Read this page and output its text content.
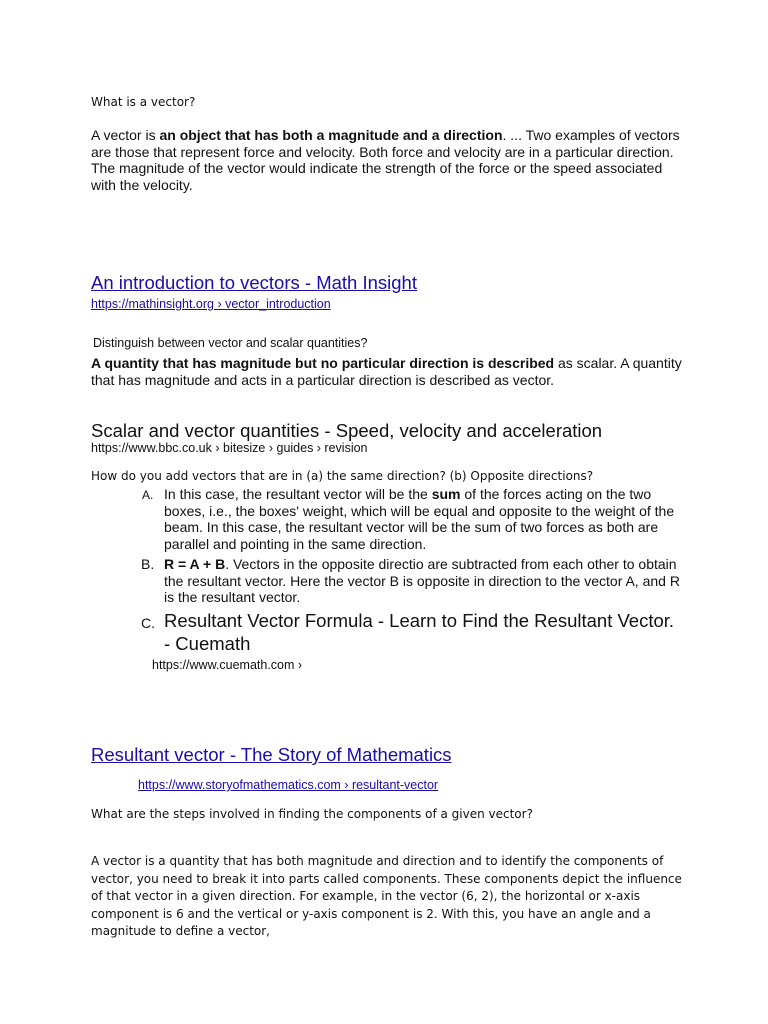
What is a vector?
A vector is an object that has both a magnitude and a direction. ... Two examples of vectors are those that represent force and velocity. Both force and velocity are in a particular direction. The magnitude of the vector would indicate the strength of the force or the speed associated with the velocity.
An introduction to vectors - Math Insight
https://mathinsight.org › vector_introduction
Distinguish between vector and scalar quantities?
A quantity that has magnitude but no particular direction is described as scalar. A quantity that has magnitude and acts in a particular direction is described as vector.
Scalar and vector quantities - Speed, velocity and acceleration
https://www.bbc.co.uk › bitesize › guides › revision
How do you add vectors that are in (a) the same direction? (b) Opposite directions?
A. In this case, the resultant vector will be the sum of the forces acting on the two boxes, i.e., the boxes' weight, which will be equal and opposite to the weight of the beam. In this case, the resultant vector will be the sum of two forces as both are parallel and pointing in the same direction.
B. R = A + B. Vectors in the opposite directio are subtracted from each other to obtain the resultant vector. Here the vector B is opposite in direction to the vector A, and R is the resultant vector.
C. Resultant Vector Formula - Learn to Find the Resultant Vector. - Cuemath
https://www.cuemath.com ›
Resultant vector - The Story of Mathematics
https://www.storyofmathematics.com › resultant-vector
What are the steps involved in finding the components of a given vector?
A vector is a quantity that has both magnitude and direction and to identify the components of vector, you need to break it into parts called components. These components depict the influence of that vector in a given direction. For example, in the vector (6, 2), the horizontal or x-axis component is 6 and the vertical or y-axis component is 2. With this, you have an angle and a magnitude to define a vector,
